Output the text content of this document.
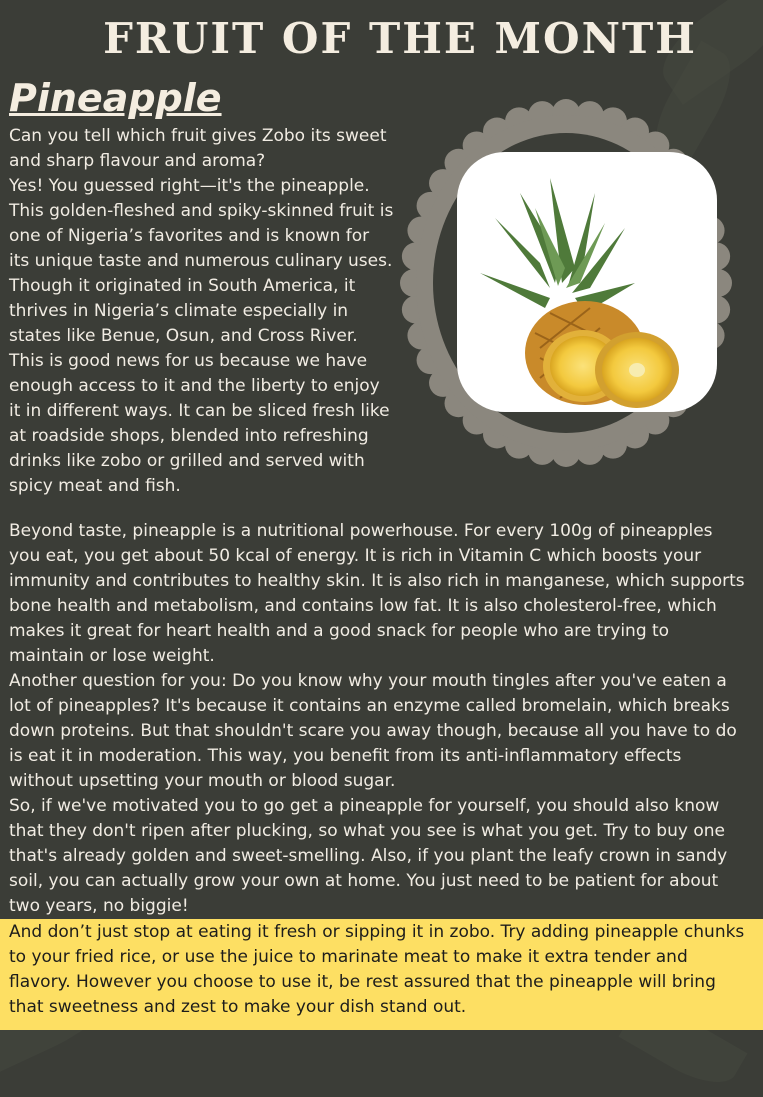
FRUIT OF THE MONTH
Pineapple

Can you tell which fruit gives Zobo its sweet and sharp flavour and aroma?

Yes! You guessed right—it's the pineapple. This golden-fleshed and spiky-skinned fruit is one of Nigeria’s favorites and is known for its unique taste and numerous culinary uses.

Though it originated in South America, it thrives in Nigeria’s climate especially in states like Benue, Osun, and Cross River. This is good news for us because we have enough access to it and the liberty to enjoy it in different ways. It can be sliced fresh like at roadside shops, blended into refreshing drinks like zobo or grilled and served with spicy meat and fish.

Beyond taste, pineapple is a nutritional powerhouse. For every 100g of pineapples you eat, you get about 50 kcal of energy. It is rich in Vitamin C which boosts your immunity and contributes to healthy skin. It is also rich in manganese, which supports bone health and metabolism, and contains low fat. It is also cholesterol-free, which makes it great for heart health and a good snack for people who are trying to maintain or lose weight.

Another question for you: Do you know why your mouth tingles after you've eaten a lot of pineapples? It's because it contains an enzyme called bromelain, which breaks down proteins. But that shouldn't scare you away though, because all you have to do is eat it in moderation. This way, you benefit from its anti-inflammatory effects without upsetting your mouth or blood sugar.

So, if we've motivated you to go get a pineapple for yourself, you should also know that they don't ripen after plucking, so what you see is what you get. Try to buy one that's already golden and sweet-smelling. Also, if you plant the leafy crown in sandy soil, you can actually grow your own at home. You just need to be patient for about two years, no biggie!

And don’t just stop at eating it fresh or sipping it in zobo. Try adding pineapple chunks to your fried rice, or use the juice to marinate meat to make it extra tender and flavory. However you choose to use it, be rest assured that the pineapple will bring that sweetness and zest to make your dish stand out.
